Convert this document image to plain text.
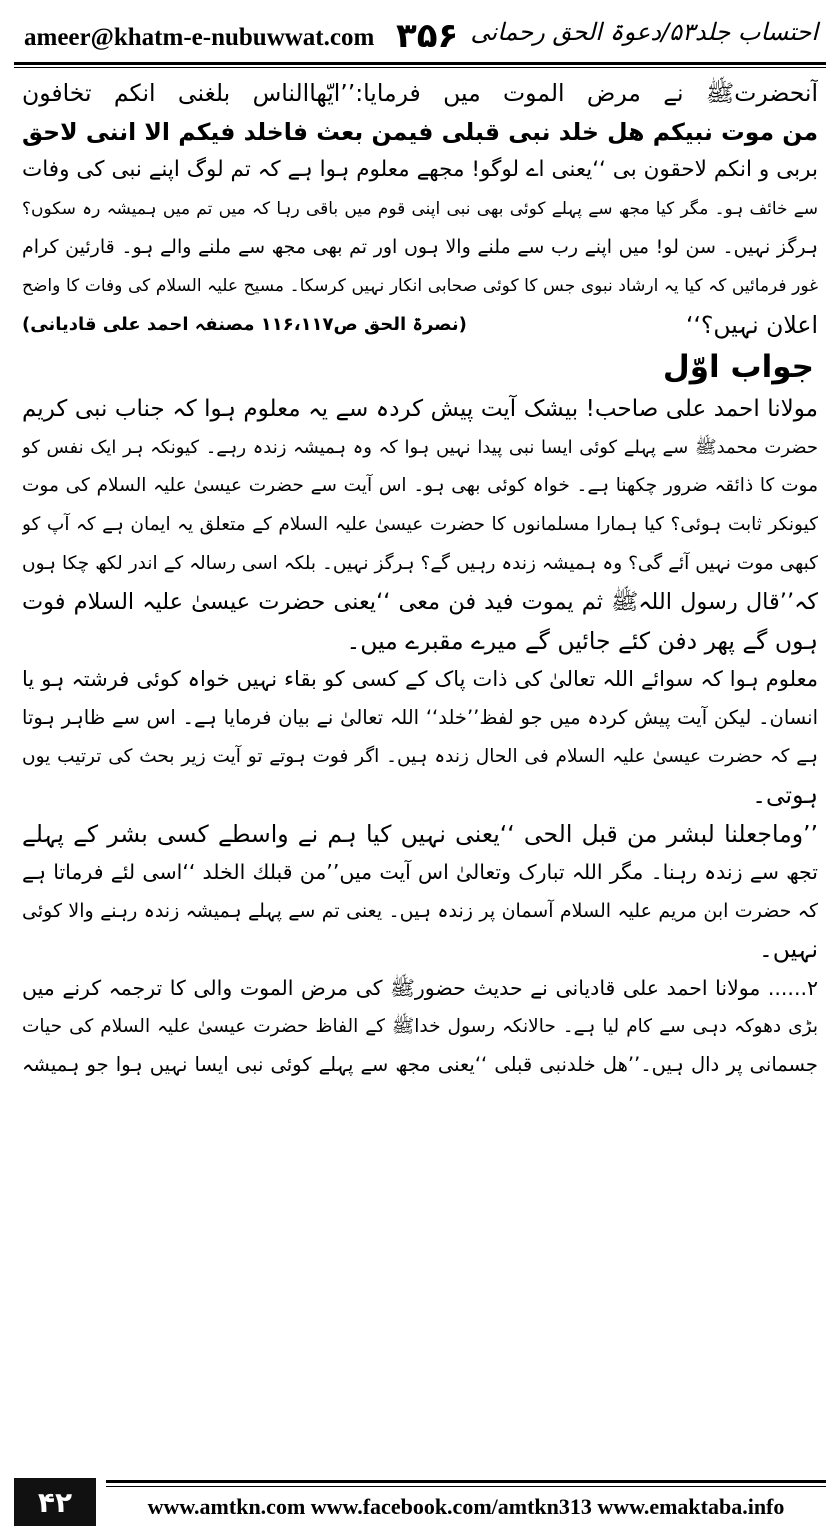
ameer@khatm-e-nubuwwat.com ۳۵۶ احتساب جلد۵۳/دعوۃ الحق رحمانی
آنحضرتﷺ نے مرض الموت میں فرمایا:’’ایّھاالناس بلغنی انکم تخافون
من موت نبیکم ھل خلد نبی قبلی فیمن بعث فاخلد فیکم الا اننی لاحق
بربی و انکم لاحقون بی ‘‘یعنی اے لوگو! مجھے معلوم ہوا ہے کہ تم لوگ اپنے نبی کی وفات
سے خائف ہو۔ مگر کیا مجھ سے پہلے کوئی بھی نبی اپنی قوم میں باقی رہا کہ میں تم میں ہمیشہ رہ سکوں؟
ہرگز نہیں۔ سن لو! میں اپنے رب سے ملنے والا ہوں اور تم بھی مجھ سے ملنے والے ہو۔ قارئین کرام
غور فرمائیں کہ کیا یہ ارشاد نبوی جس کا کوئی صحابی انکار نہیں کرسکا۔ مسیح علیہ السلام کی وفات کا واضح
اعلان نہیں؟‘‘
(نصرۃ الحق ص۱۱۶،۱۱۷ مصنفہ احمد علی قادیانی)
جواب اوّل
مولانا احمد علی صاحب! بیشک آیت پیش کردہ سے یہ معلوم ہوا کہ جناب نبی کریم
حضرت محمدﷺ سے پہلے کوئی ایسا نبی پیدا نہیں ہوا کہ وہ ہمیشہ زندہ رہے۔ کیونکہ ہر ایک نفس کو
موت کا ذائقہ ضرور چکھنا ہے۔ خواہ کوئی بھی ہو۔ اس آیت سے حضرت عیسیٰ علیہ السلام کی موت
کیونکر ثابت ہوئی؟ کیا ہمارا مسلمانوں کا حضرت عیسیٰ علیہ السلام کے متعلق یہ ایمان ہے کہ آپ کو
کبھی موت نہیں آئے گی؟ وہ ہمیشہ زندہ رہیں گے؟ ہرگز نہیں۔ بلکہ اسی رسالہ کے اندر لکھ چکا ہوں
کہ’’قال رسول اللہﷺ ثم یموت فید فن معی ‘‘یعنی حضرت عیسیٰ علیہ السلام فوت
ہوں گے پھر دفن کئے جائیں گے میرے مقبرے میں۔
معلوم ہوا کہ سوائے اللہ تعالیٰ کی ذات پاک کے کسی کو بقاء نہیں خواہ کوئی فرشتہ ہو یا
انسان۔ لیکن آیت پیش کردہ میں جو لفظ’’خلد‘‘ اللہ تعالیٰ نے بیان فرمایا ہے۔ اس سے ظاہر ہوتا
ہے کہ حضرت عیسیٰ علیہ السلام فی الحال زندہ ہیں۔ اگر فوت ہوتے تو آیت زیر بحث کی ترتیب یوں
ہوتی۔
’’وماجعلنا لبشر من قبل الحی ‘‘یعنی نہیں کیا ہم نے واسطے کسی بشر کے پہلے
تجھ سے زندہ رہنا۔ مگر اللہ تبارک وتعالیٰ اس آیت میں’’من قبلك الخلد ‘‘اسی لئے فرماتا ہے
کہ حضرت ابن مریم علیہ السلام آسمان پر زندہ ہیں۔ یعنی تم سے پہلے ہمیشہ زندہ رہنے والا کوئی
نہیں۔
۲...... مولانا احمد علی قادیانی نے حدیث حضورﷺ کی مرض الموت والی کا ترجمہ کرنے میں
بڑی دھوکہ دہی سے کام لیا ہے۔ حالانکہ رسول خداﷺ کے الفاظ حضرت عیسیٰ علیہ السلام کی حیات
جسمانی پر دال ہیں۔’’ھل خلدنبی قبلی ‘‘یعنی مجھ سے پہلے کوئی نبی ایسا نہیں ہوا جو ہمیشہ
۴۲	www.amtkn.com www.facebook.com/amtkn313 www.emaktaba.info
